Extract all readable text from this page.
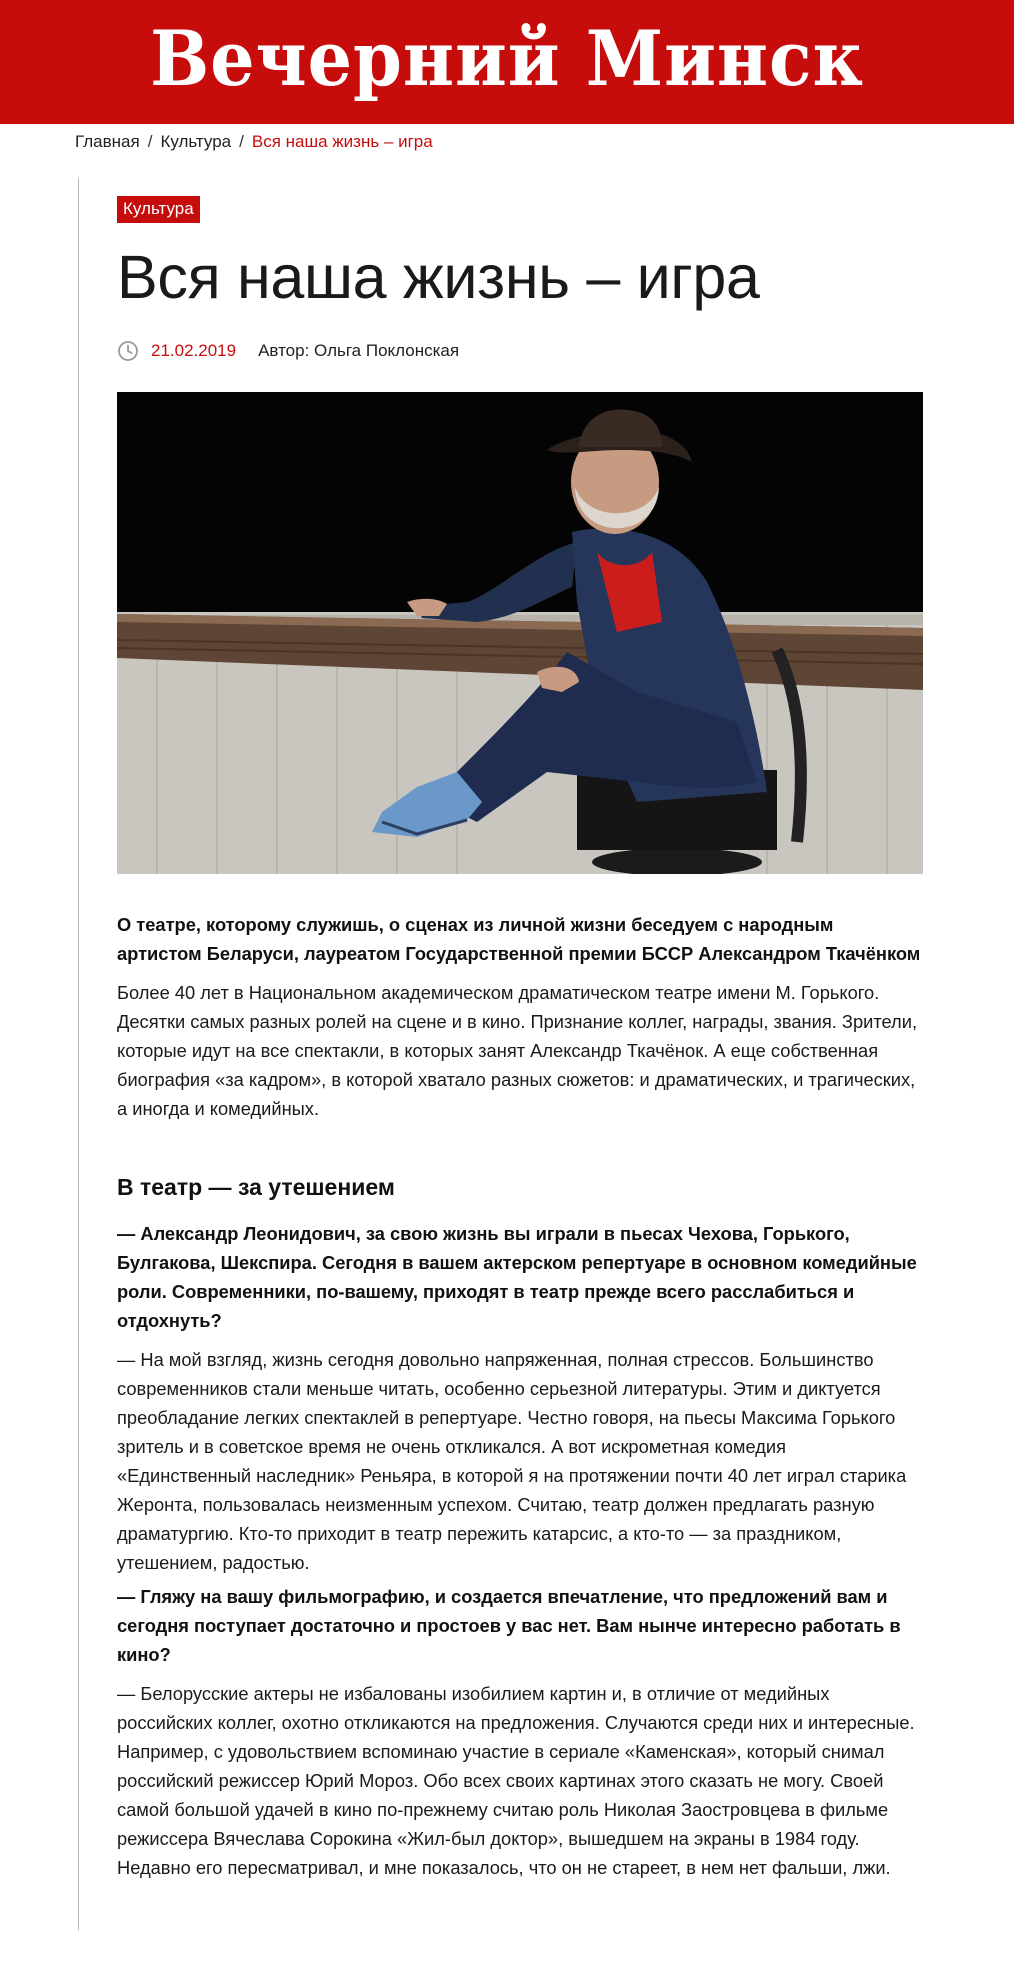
Вечерний Минск
Главная / Культура / Вся наша жизнь – игра
Культура
Вся наша жизнь – игра
21.02.2019 Автор: Ольга Поклонская

О театре, которому служишь, о сценах из личной жизни беседуем с народным артистом Беларуси, лауреатом Государственной премии БССР Александром Ткачёнком

Более 40 лет в Национальном академическом драматическом театре имени М. Горького. Десятки самых разных ролей на сцене и в кино. Признание коллег, награды, звания. Зрители, которые идут на все спектакли, в которых занят Александр Ткачёнок. А еще собственная биография «за кадром», в которой хватало разных сюжетов: и драматических, и трагических, а иногда и комедийных.

В театр — за утешением

— Александр Леонидович, за свою жизнь вы играли в пьесах Чехова, Горького, Булгакова, Шекспира. Сегодня в вашем актерском репертуаре в основном комедийные роли. Современники, по-вашему, приходят в театр прежде всего расслабиться и отдохнуть?

— На мой взгляд, жизнь сегодня довольно напряженная, полная стрессов. Большинство современников стали меньше читать, особенно серьезной литературы. Этим и диктуется преобладание легких спектаклей в репертуаре. Честно говоря, на пьесы Максима Горького зритель и в советское время не очень откликался. А вот искрометная комедия «Единственный наследник» Реньяра, в которой я на протяжении почти 40 лет играл старика Жеронта, пользовалась неизменным успехом. Считаю, театр должен предлагать разную драматургию. Кто-то приходит в театр пережить катарсис, а кто-то — за праздником, утешением, радостью.

— Гляжу на вашу фильмографию, и создается впечатление, что предложений вам и сегодня поступает достаточно и простоев у вас нет. Вам нынче интересно работать в кино?

— Белорусские актеры не избалованы изобилием картин и, в отличие от медийных российских коллег, охотно откликаются на предложения. Случаются среди них и интересные. Например, с удовольствием вспоминаю участие в сериале «Каменская», который снимал российский режиссер Юрий Мороз. Обо всех своих картинах этого сказать не могу. Своей самой большой удачей в кино по-прежнему считаю роль Николая Заостровцева в фильме режиссера Вячеслава Сорокина «Жил-был доктор», вышедшем на экраны в 1984 году. Недавно его пересматривал, и мне показалось, что он не стареет, в нем нет фальши, лжи.
